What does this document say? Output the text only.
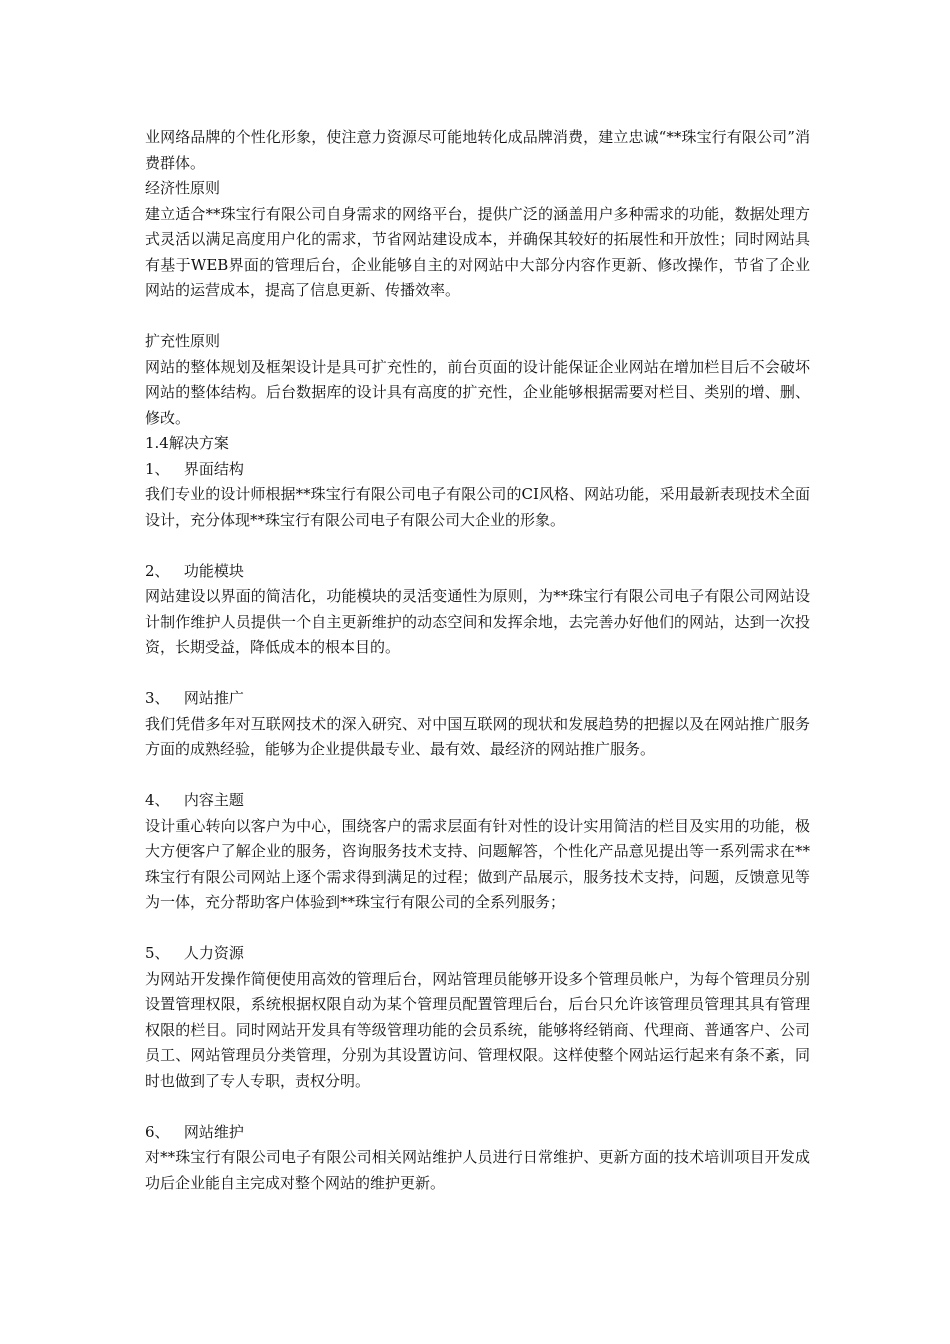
业网络品牌的个性化形象，使注意力资源尽可能地转化成品牌消费，建立忠诚“**珠宝行有限公司”消费群体。

经济性原则

建立适合**珠宝行有限公司自身需求的网络平台，提供广泛的涵盖用户多种需求的功能，数据处理方式灵活以满足高度用户化的需求，节省网站建设成本，并确保其较好的拓展性和开放性；同时网站具有基于WEB界面的管理后台，企业能够自主的对网站中大部分内容作更新、修改操作，节省了企业网站的运营成本，提高了信息更新、传播效率。

扩充性原则

网站的整体规划及框架设计是具可扩充性的，前台页面的设计能保证企业网站在增加栏目后不会破坏网站的整体结构。后台数据库的设计具有高度的扩充性，企业能够根据需要对栏目、类别的增、删、修改。

1.4解决方案

1、   界面结构

我们专业的设计师根据**珠宝行有限公司电子有限公司的CI风格、网站功能，采用最新表现技术全面设计，充分体现**珠宝行有限公司电子有限公司大企业的形象。

2、   功能模块

网站建设以界面的简洁化，功能模块的灵活变通性为原则，为**珠宝行有限公司电子有限公司网站设计制作维护人员提供一个自主更新维护的动态空间和发挥余地，去完善办好他们的网站，达到一次投资，长期受益，降低成本的根本目的。

3、   网站推广

我们凭借多年对互联网技术的深入研究、对中国互联网的现状和发展趋势的把握以及在网站推广服务方面的成熟经验，能够为企业提供最专业、最有效、最经济的网站推广服务。

4、   内容主题

设计重心转向以客户为中心，围绕客户的需求层面有针对性的设计实用简洁的栏目及实用的功能，极大方便客户了解企业的服务，咨询服务技术支持、问题解答，个性化产品意见提出等一系列需求在**珠宝行有限公司网站上逐个需求得到满足的过程；做到产品展示，服务技术支持，问题，反馈意见等为一体，充分帮助客户体验到**珠宝行有限公司的全系列服务；

5、   人力资源

为网站开发操作简便使用高效的管理后台，网站管理员能够开设多个管理员帐户，为每个管理员分别设置管理权限，系统根据权限自动为某个管理员配置管理后台，后台只允许该管理员管理其具有管理权限的栏目。同时网站开发具有等级管理功能的会员系统，能够将经销商、代理商、普通客户、公司员工、网站管理员分类管理，分别为其设置访问、管理权限。这样使整个网站运行起来有条不紊，同时也做到了专人专职，责权分明。

6、   网站维护

对**珠宝行有限公司电子有限公司相关网站维护人员进行日常维护、更新方面的技术培训项目开发成功后企业能自主完成对整个网站的维护更新。
